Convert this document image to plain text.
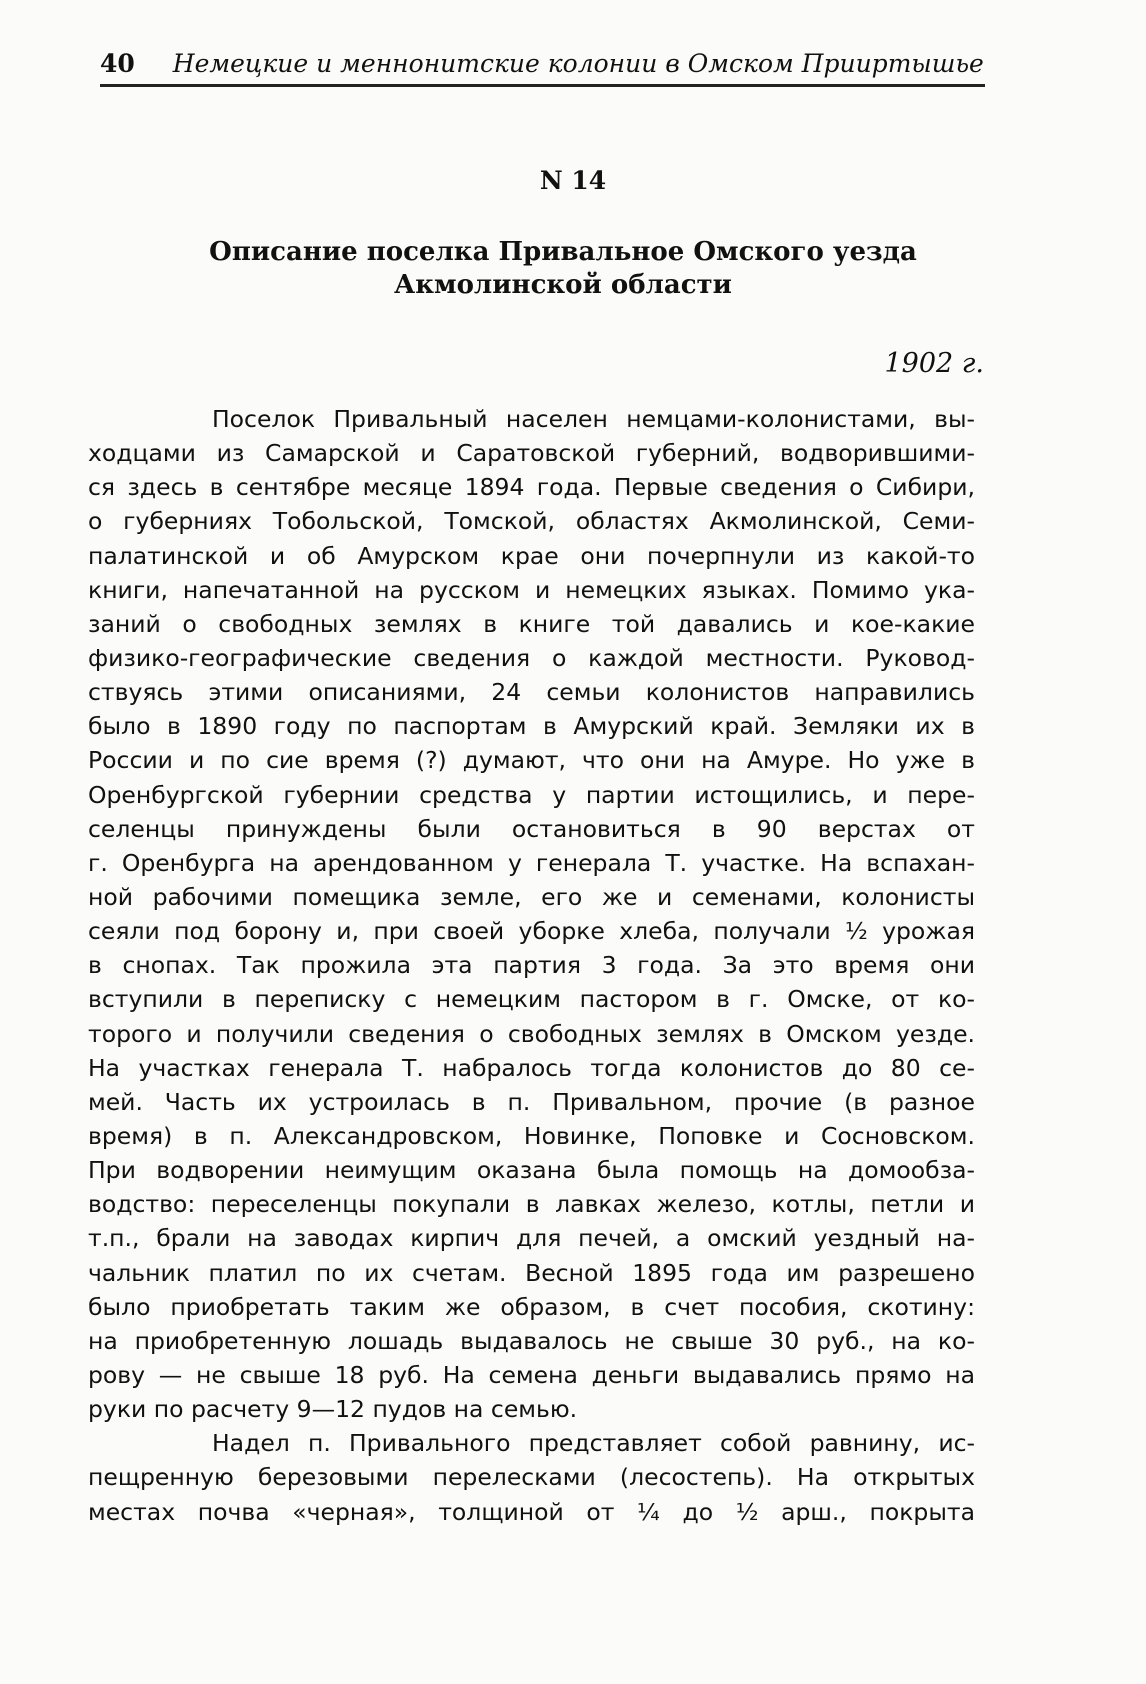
40 Немецкие и меннонитские колонии в Омском Прииртышье
N 14
Описание поселка Привальное Омского уезда
Акмолинской области
1902 г.
Поселок Привальный населен немцами-колонистами, вы-
ходцами из Самарской и Саратовской губерний, водворившими-
ся здесь в сентябре месяце 1894 года. Первые сведения о Сибири,
о губерниях Тобольской, Томской, областях Акмолинской, Семи-
палатинской и об Амурском крае они почерпнули из какой-то
книги, напечатанной на русском и немецких языках. Помимо ука-
заний о свободных землях в книге той давались и кое-какие
физико-географические сведения о каждой местности. Руковод-
ствуясь этими описаниями, 24 семьи колонистов направились
было в 1890 году по паспортам в Амурский край. Земляки их в
России и по сие время (?) думают, что они на Амуре. Но уже в
Оренбургской губернии средства у партии истощились, и пере-
селенцы принуждены были остановиться в 90 верстах от
г. Оренбурга на арендованном у генерала Т. участке. На вспахан-
ной рабочими помещика земле, его же и семенами, колонисты
сеяли под борону и, при своей уборке хлеба, получали ½ урожая
в снопах. Так прожила эта партия 3 года. За это время они
вступили в переписку с немецким пастором в г. Омске, от ко-
торого и получили сведения о свободных землях в Омском уезде.
На участках генерала Т. набралось тогда колонистов до 80 се-
мей. Часть их устроилась в п. Привальном, прочие (в разное
время) в п. Александровском, Новинке, Поповке и Сосновском.
При водворении неимущим оказана была помощь на домообза-
водство: переселенцы покупали в лавках железо, котлы, петли и
т.п., брали на заводах кирпич для печей, а омский уездный на-
чальник платил по их счетам. Весной 1895 года им разрешено
было приобретать таким же образом, в счет пособия, скотину:
на приобретенную лошадь выдавалось не свыше 30 руб., на ко-
рову — не свыше 18 руб. На семена деньги выдавались прямо на
руки по расчету 9—12 пудов на семью.
Надел п. Привального представляет собой равнину, ис-
пещренную березовыми перелесками (лесостепь). На открытых
местах почва «черная», толщиной от ¼ до ½ арш., покрыта
